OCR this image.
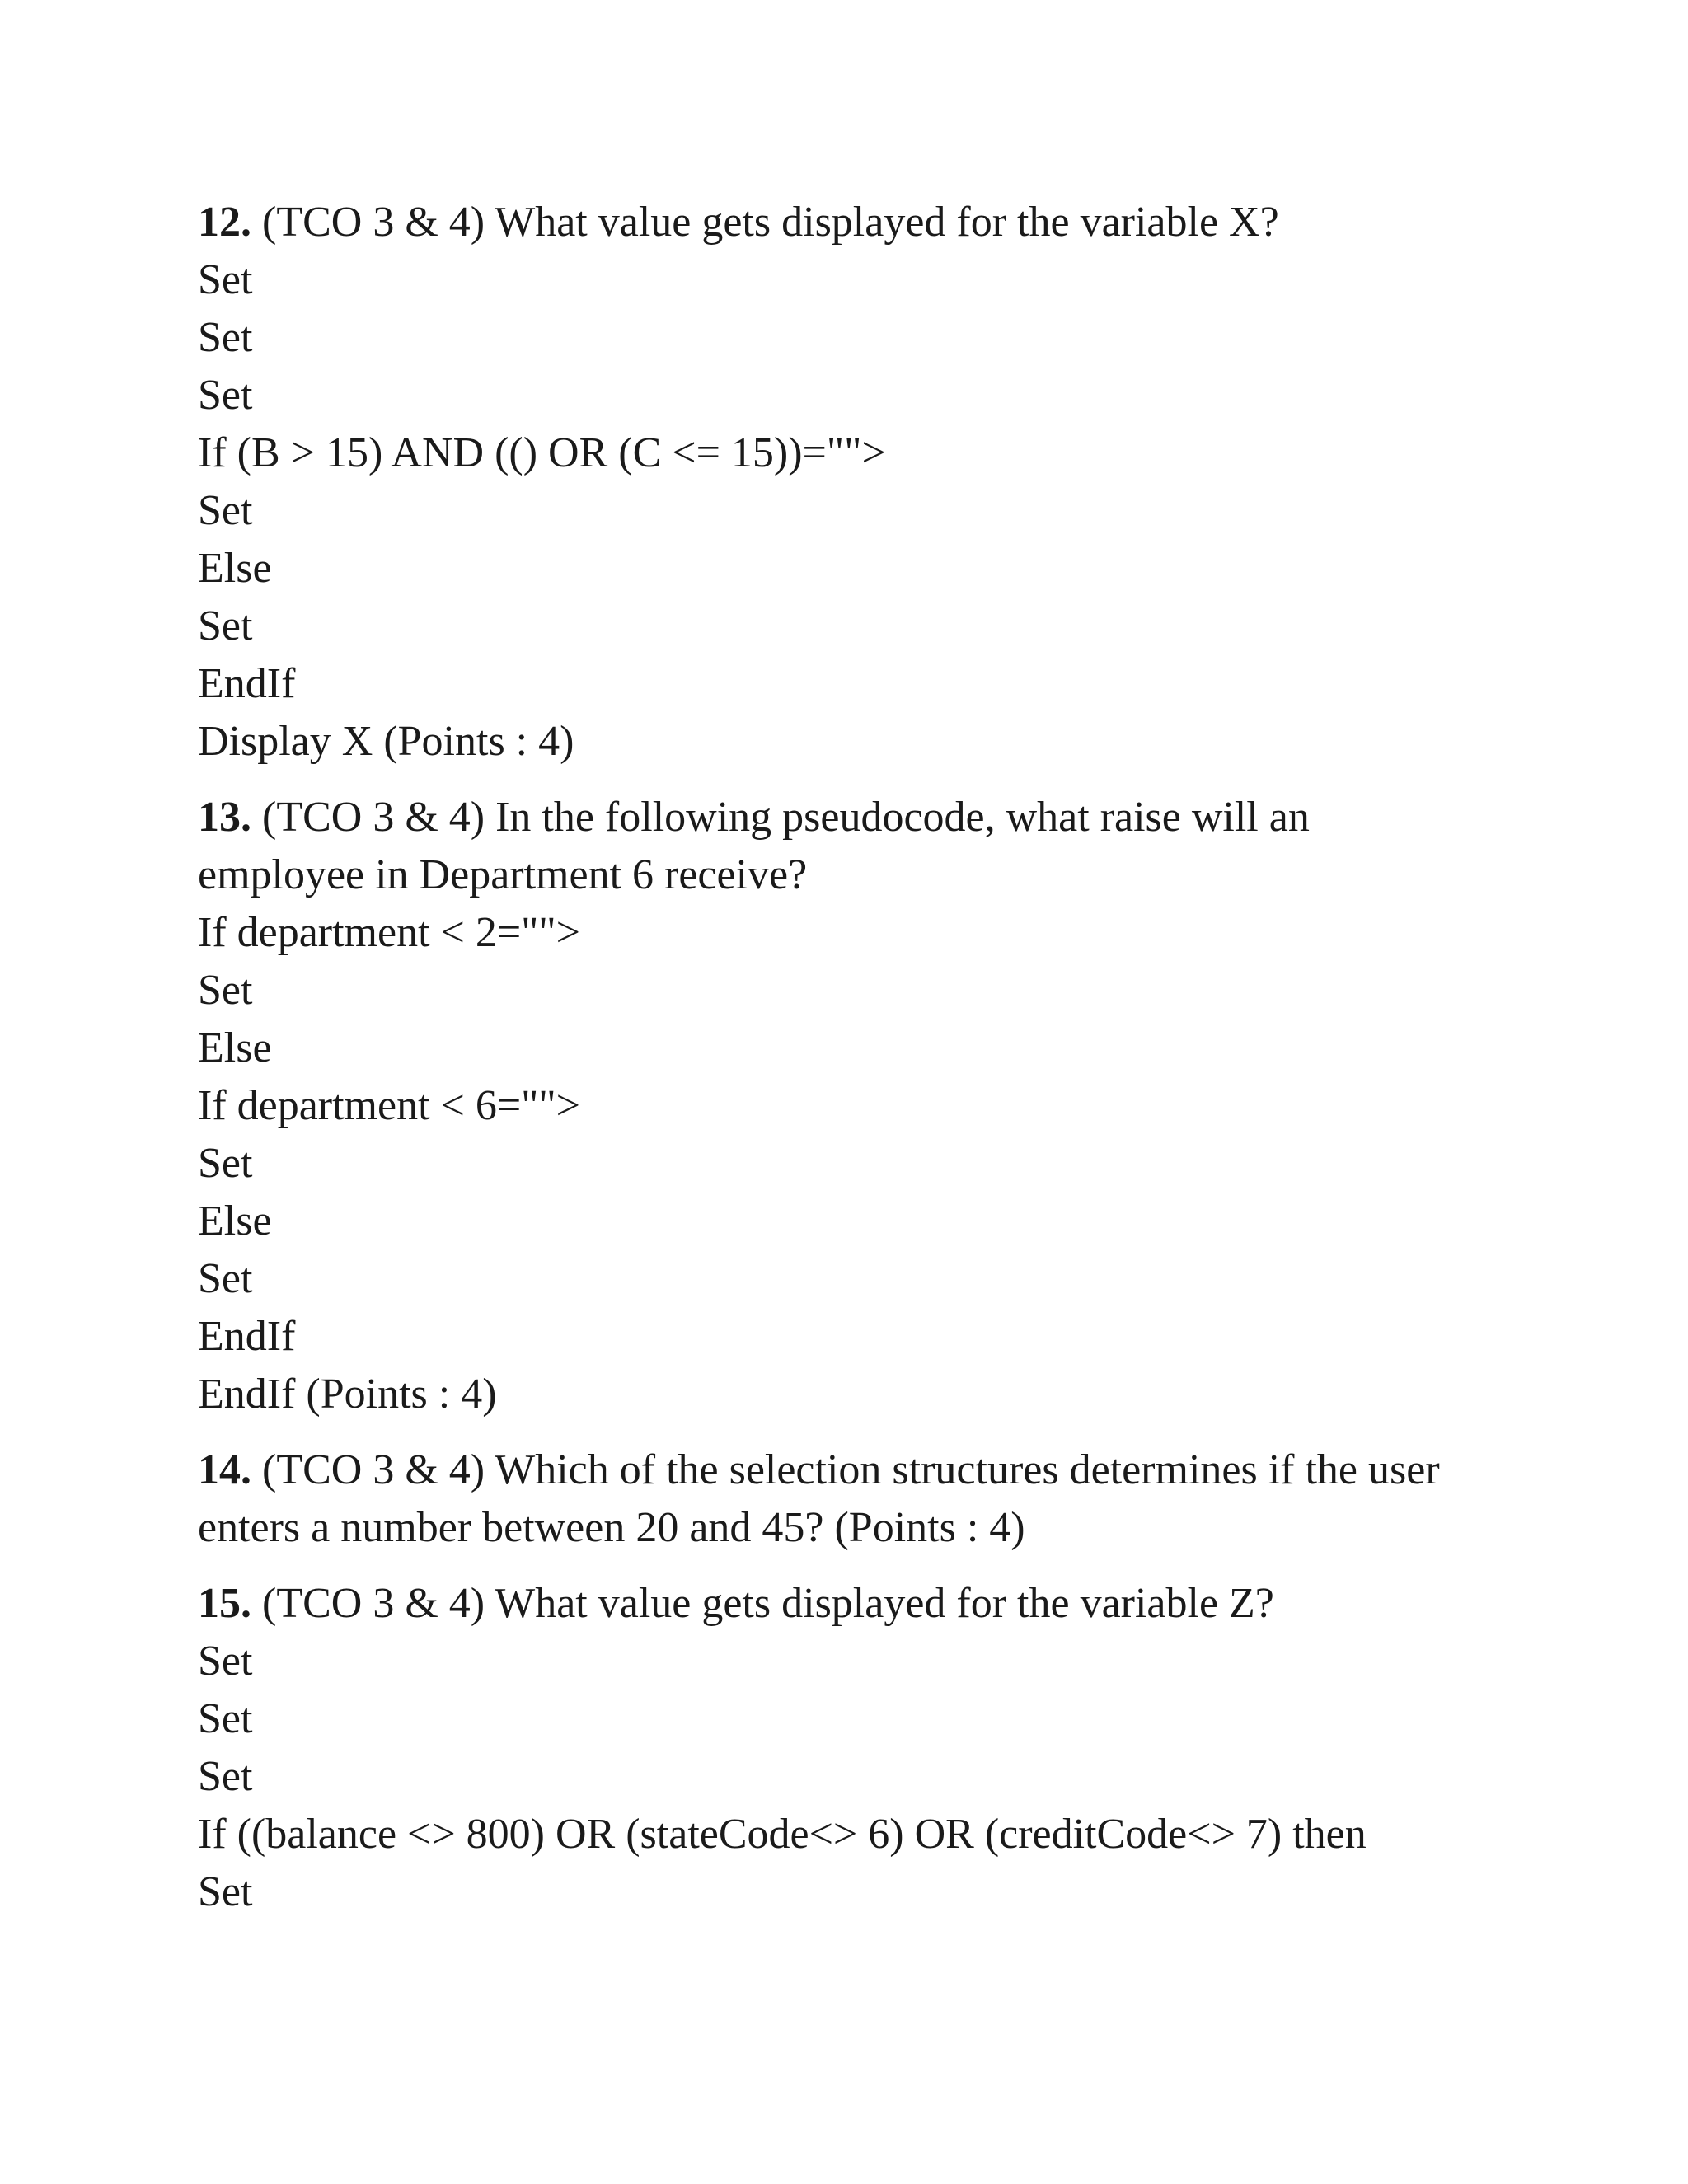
12. (TCO 3 & 4) What value gets displayed for the variable X?
Set
Set
Set
If (B > 15) AND (() OR (C <= 15))="">
Set
Else
Set
EndIf
Display X (Points : 4)
13. (TCO 3 & 4) In the following pseudocode, what raise will an
employee in Department 6 receive?
If department < 2="">
Set
Else
If department < 6="">
Set
Else
Set
EndIf
EndIf (Points : 4)
14. (TCO 3 & 4) Which of the selection structures determines if the user
enters a number between 20 and 45? (Points : 4)
15. (TCO 3 & 4) What value gets displayed for the variable Z?
Set
Set
Set
If ((balance <> 800) OR (stateCode<> 6) OR (creditCode<> 7) then
Set
